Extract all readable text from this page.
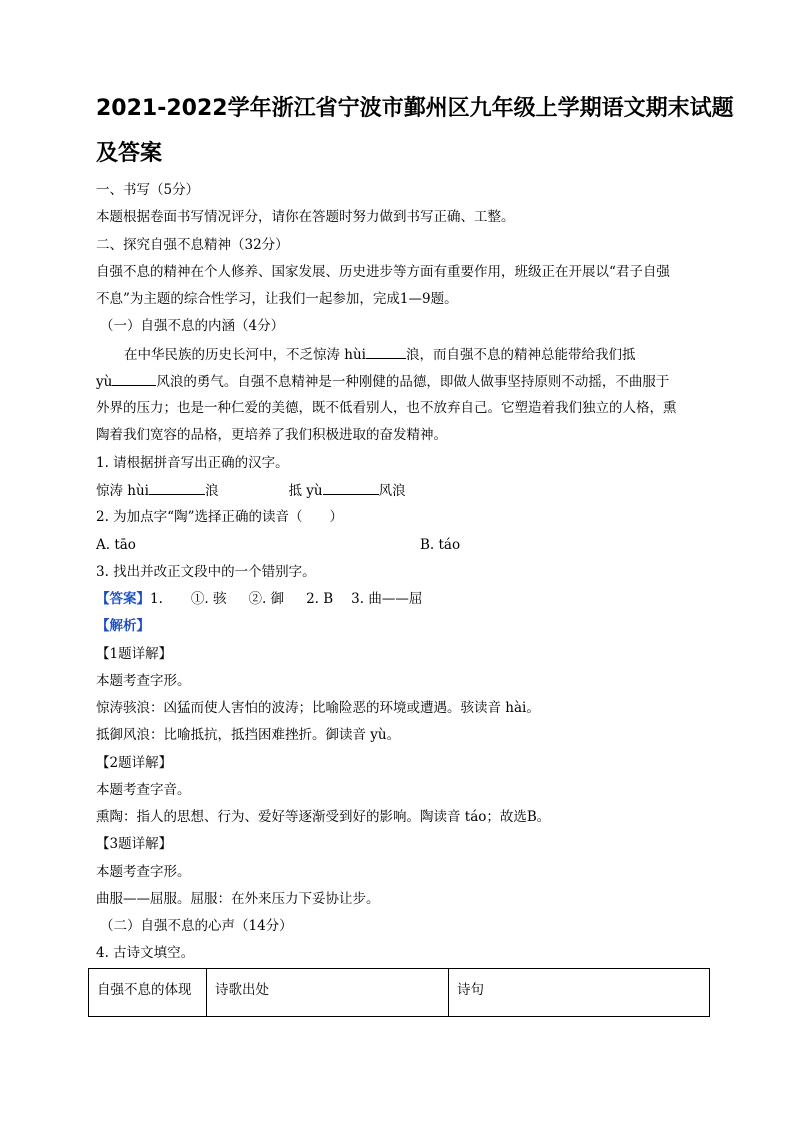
2021-2022学年浙江省宁波市鄞州区九年级上学期语文期末试题
及答案
一、书写（5分）
本题根据卷面书写情况评分，请你在答题时努力做到书写正确、工整。
二、探究自强不息精神（32分）
自强不息的精神在个人修养、国家发展、历史进步等方面有重要作用，班级正在开展以“君子自强
不息”为主题的综合性学习，让我们一起参加，完成1—9题。
（一）自强不息的内涵（4分）
在中华民族的历史长河中，不乏惊涛 hùi	浪，而自强不息的精神总能带给我们抵
yù	风浪的勇气。自强不息精神是一种刚健的品德，即做人做事坚持原则不动摇，不曲服于
外界的压力；也是一种仁爱的美德，既不低看别人，也不放弃自己。它塑造着我们独立的人格，熏
陶着我们宽容的品格，更培养了我们积极进取的奋发精神。
1. 请根据拼音写出正确的汉字。
惊涛 hùi	浪	抵 yù	风浪
2. 为加点字“陶”选择正确的读音（　　）
A. tāo	B. táo
3. 找出并改正文段中的一个错别字。
【答案】1. ①. 骇 ②. 御 2. B 3. 曲——屈
【解析】
【1题详解】
本题考查字形。
惊涛骇浪：凶猛而使人害怕的波涛；比喻险恶的环境或遭遇。骇读音 hài。
抵御风浪：比喻抵抗，抵挡困难挫折。御读音 yù。
【2题详解】
本题考查字音。
熏陶：指人的思想、行为、爱好等逐渐受到好的影响。陶读音 táo；故选B。
【3题详解】
本题考查字形。
曲服——屈服。屈服：在外来压力下妥协让步。
（二）自强不息的心声（14分）
4. 古诗文填空。
自强不息的体现	诗歌出处	诗句
